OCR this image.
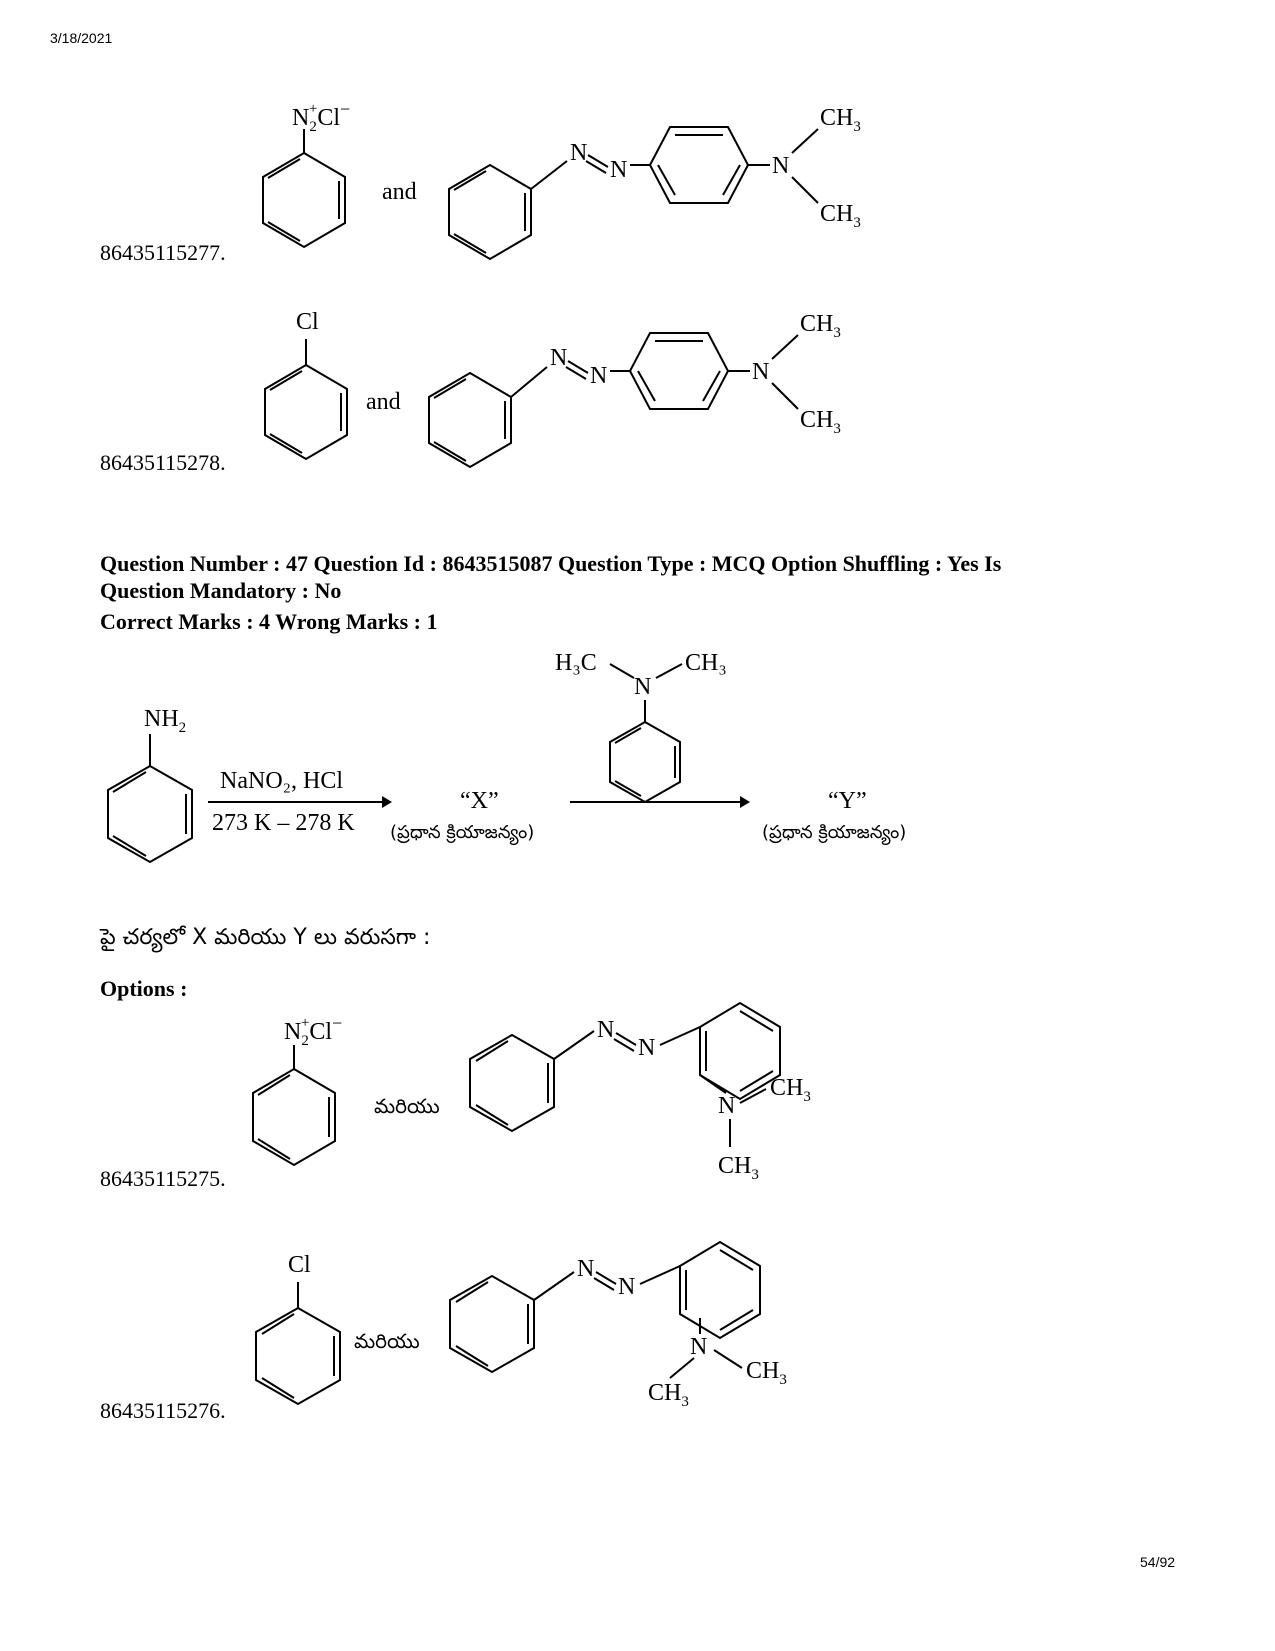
3/18/2021
$N_2+Cl^-$
and
N
N	N
$CH_3$
$CH_3$
86435115277.
Cl
and
N
N	N
$CH_3$
$CH_3$
86435115278.
Question Number : 47 Question Id : 8643515087 Question Type : MCQ Option Shuffling : Yes Is
Question Mandatory : No
Correct Marks : 4 Wrong Marks : 1
$NH_2$
NaNO₂, HCl
273 K – 278 K
“X”
(ప్రధాన క్రియాజన్యం)
H₃C
N
CH₃
“Y”
(ప్రధాన క్రియాజన్యం)
పై చర్యలో X మరియు Y లు వరుసగా :
Options :
$N_2+Cl^-$
మరియు
N
N
N
$CH_3$
$CH_3$
86435115275.
Cl
మరియు
N
N
N
$CH_3$
$CH_3$
86435115276.
54/92
